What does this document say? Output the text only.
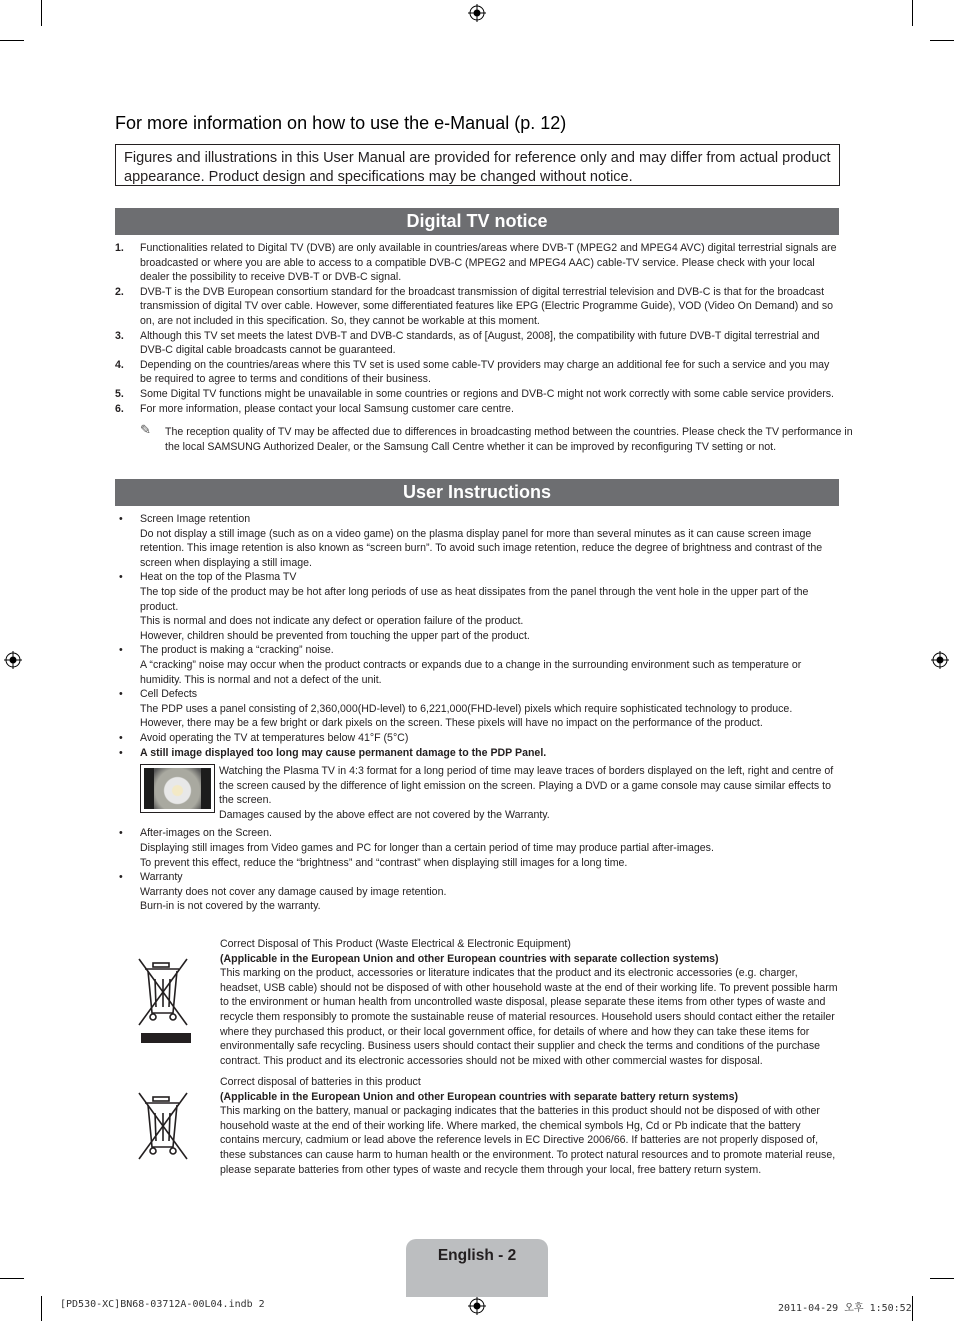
For more information on how to use the e-Manual (p. 12)
Figures and illustrations in this User Manual are provided for reference only and may differ from actual product appearance. Product design and specifications may be changed without notice.
Digital TV notice
1. Functionalities related to Digital TV (DVB) are only available in countries/areas where DVB-T (MPEG2 and MPEG4 AVC) digital terrestrial signals are broadcasted or where you are able to access to a compatible DVB-C (MPEG2 and MPEG4 AAC) cable-TV service. Please check with your local dealer the possibility to receive DVB-T or DVB-C signal.
2. DVB-T is the DVB European consortium standard for the broadcast transmission of digital terrestrial television and DVB-C is that for the broadcast transmission of digital TV over cable. However, some differentiated features like EPG (Electric Programme Guide), VOD (Video On Demand) and so on, are not included in this specification. So, they cannot be workable at this moment.
3. Although this TV set meets the latest DVB-T and DVB-C standards, as of [August, 2008], the compatibility with future DVB-T digital terrestrial and DVB-C digital cable broadcasts cannot be guaranteed.
4. Depending on the countries/areas where this TV set is used some cable-TV providers may charge an additional fee for such a service and you may be required to agree to terms and conditions of their business.
5. Some Digital TV functions might be unavailable in some countries or regions and DVB-C might not work correctly with some cable service providers.
6. For more information, please contact your local Samsung customer care centre.
✎ The reception quality of TV may be affected due to differences in broadcasting method between the countries. Please check the TV performance in the local SAMSUNG Authorized Dealer, or the Samsung Call Centre whether it can be improved by reconfiguring TV setting or not.
User Instructions
• Screen Image retention
Do not display a still image (such as on a video game) on the plasma display panel for more than several minutes as it can cause screen image retention. This image retention is also known as “screen burn”. To avoid such image retention, reduce the degree of brightness and contrast of the screen when displaying a still image.
• Heat on the top of the Plasma TV
The top side of the product may be hot after long periods of use as heat dissipates from the panel through the vent hole in the upper part of the product.
This is normal and does not indicate any defect or operation failure of the product.
However, children should be prevented from touching the upper part of the product.
• The product is making a “cracking” noise.
A “cracking” noise may occur when the product contracts or expands due to a change in the surrounding environment such as temperature or humidity. This is normal and not a defect of the unit.
• Cell Defects
The PDP uses a panel consisting of 2,360,000(HD-level) to 6,221,000(FHD-level) pixels which require sophisticated technology to produce. However, there may be a few bright or dark pixels on the screen. These pixels will have no impact on the performance of the product.
• Avoid operating the TV at temperatures below 41°F (5°C)
• A still image displayed too long may cause permanent damage to the PDP Panel.
Watching the Plasma TV in 4:3 format for a long period of time may leave traces of borders displayed on the left, right and centre of the screen caused by the difference of light emission on the screen. Playing a DVD or a game console may cause similar effects to the screen.
Damages caused by the above effect are not covered by the Warranty.
• After-images on the Screen.
Displaying still images from Video games and PC for longer than a certain period of time may produce partial after-images.
To prevent this effect, reduce the “brightness” and “contrast” when displaying still images for a long time.
• Warranty
Warranty does not cover any damage caused by image retention.
Burn-in is not covered by the warranty.
Correct Disposal of This Product (Waste Electrical & Electronic Equipment)
(Applicable in the European Union and other European countries with separate collection systems)
This marking on the product, accessories or literature indicates that the product and its electronic accessories (e.g. charger, headset, USB cable) should not be disposed of with other household waste at the end of their working life. To prevent possible harm to the environment or human health from uncontrolled waste disposal, please separate these items from other types of waste and recycle them responsibly to promote the sustainable reuse of material resources. Household users should contact either the retailer where they purchased this product, or their local government office, for details of where and how they can take these items for environmentally safe recycling. Business users should contact their supplier and check the terms and conditions of the purchase contract. This product and its electronic accessories should not be mixed with other commercial wastes for disposal.
Correct disposal of batteries in this product
(Applicable in the European Union and other European countries with separate battery return systems)
This marking on the battery, manual or packaging indicates that the batteries in this product should not be disposed of with other household waste at the end of their working life. Where marked, the chemical symbols Hg, Cd or Pb indicate that the battery contains mercury, cadmium or lead above the reference levels in EC Directive 2006/66. If batteries are not properly disposed of, these substances can cause harm to human health or the environment. To protect natural resources and to promote material reuse, please separate batteries from other types of waste and recycle them through your local, free battery return system.
English - 2
[PD530-XC]BN68-03712A-00L04.indb 2	2011-04-29 오후 1:50:52
